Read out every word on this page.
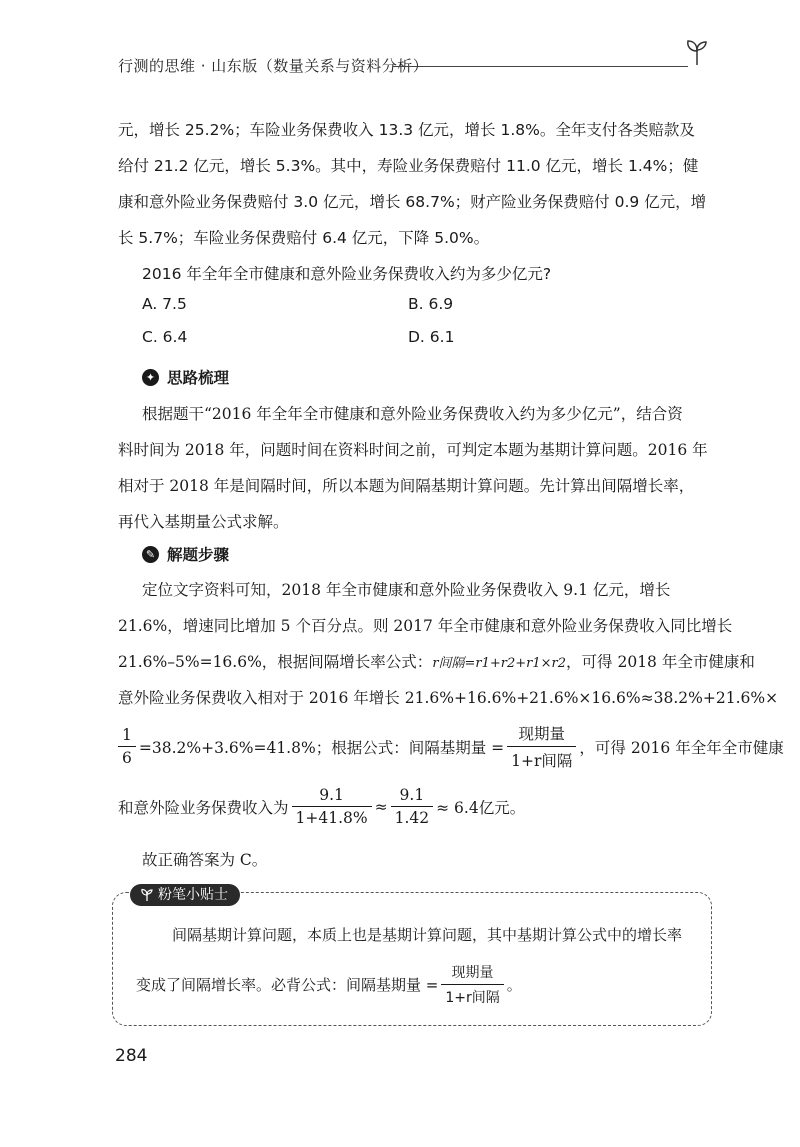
行测的思维 · 山东版（数量关系与资料分析）
元，增长 25.2%；车险业务保费收入 13.3 亿元，增长 1.8%。全年支付各类赔款及
给付 21.2 亿元，增长 5.3%。其中，寿险业务保费赔付 11.0 亿元，增长 1.4%；健
康和意外险业务保费赔付 3.0 亿元，增长 68.7%；财产险业务保费赔付 0.9 亿元，增
长 5.7%；车险业务保费赔付 6.4 亿元，下降 5.0%。
2016 年全年全市健康和意外险业务保费收入约为多少亿元?
A. 7.5	B. 6.9
C. 6.4	D. 6.1
✦ 思路梳理
根据题干“2016 年全年全市健康和意外险业务保费收入约为多少亿元”，结合资
料时间为 2018 年，问题时间在资料时间之前，可判定本题为基期计算问题。2016 年
相对于 2018 年是间隔时间，所以本题为间隔基期计算问题。先计算出间隔增长率，
再代入基期量公式求解。
✎ 解题步骤
定位文字资料可知，2018 年全市健康和意外险业务保费收入 9.1 亿元，增长
21.6%，增速同比增加 5 个百分点。则 2017 年全市健康和意外险业务保费收入同比增长
21.6%–5%=16.6%，根据间隔增长率公式：r间隔=r1+r2+r1×r2，可得 2018 年全市健康和
意外险业务保费收入相对于 2016 年增长 21.6%+16.6%+21.6%×16.6%≈38.2%+21.6%×
$\frac{1}{6} =38.2\%+3.6\%=41.8\%$；根据公式：间隔基期量 = $\frac{\text{现期量}}{\text{1+r间隔}}$ ，可得 2016 年全年全市健康
和意外险业务保费收入为 $\frac{9.1}{1+41.8\%} \approx \frac{9.1}{1.42} \approx 6.4$亿元。
故正确答案为 C。
粉笔小贴士
间隔基期计算问题，本质上也是基期计算问题，其中基期计算公式中的增长率
变成了间隔增长率。必背公式：间隔基期量 = $\frac{\text{现期量}}{\text{1+r间隔}}$ 。
284
